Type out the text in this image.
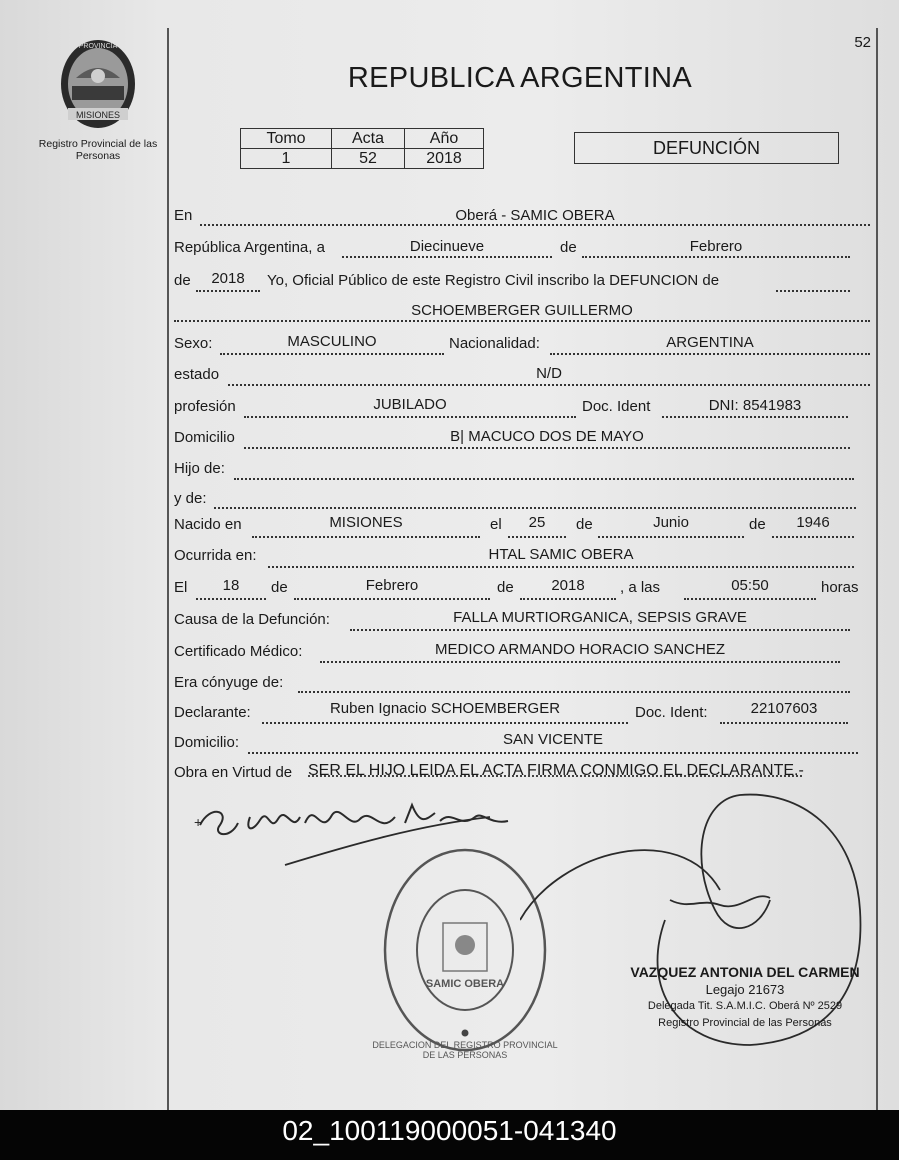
52
MISIONES
PROVINCIA
Registro Provincial de las Personas
REPUBLICA ARGENTINA
Tomo	Acta	Año
1	52	2018	DEFUNCIÓN
En	Oberá - SAMIC OBERA
República Argentina, a	Diecinueve	de	Febrero
de	2018	Yo, Oficial Público de este Registro Civil inscribo la DEFUNCION de
SCHOEMBERGER GUILLERMO
Sexo:	MASCULINO	Nacionalidad:	ARGENTINA
estado	N/D
profesión	JUBILADO	Doc. Ident	DNI: 8541983
Domicilio	B| MACUCO DOS DE MAYO
Hijo de:
y de:
Nacido en	MISIONES	el	25	de	Junio	de	1946
Ocurrida en:	HTAL SAMIC OBERA
El	18	de	Febrero	de	2018	, a las	05:50	horas
Causa de la Defunción:	FALLA MURTIORGANICA, SEPSIS GRAVE
Certificado Médico:	MEDICO ARMANDO HORACIO SANCHEZ
Era cónyuge de:
Declarante:	Ruben Ignacio SCHOEMBERGER	Doc. Ident:	22107603
Domicilio:	SAN VICENTE
Obra en Virtud de SER EL HIJO LEIDA EL ACTA FIRMA CONMIGO EL DECLARANTE.-
+
DELEGACION DEL REGISTRO PROVINCIAL DE LAS PERSONAS
SAMIC OBERA
VAZQUEZ ANTONIA DEL CARMEN
Legajo 21673
Delegada Tit. S.A.M.I.C. Oberá Nº 2529
Registro Provincial de las Personas
02_100119000051-041340
